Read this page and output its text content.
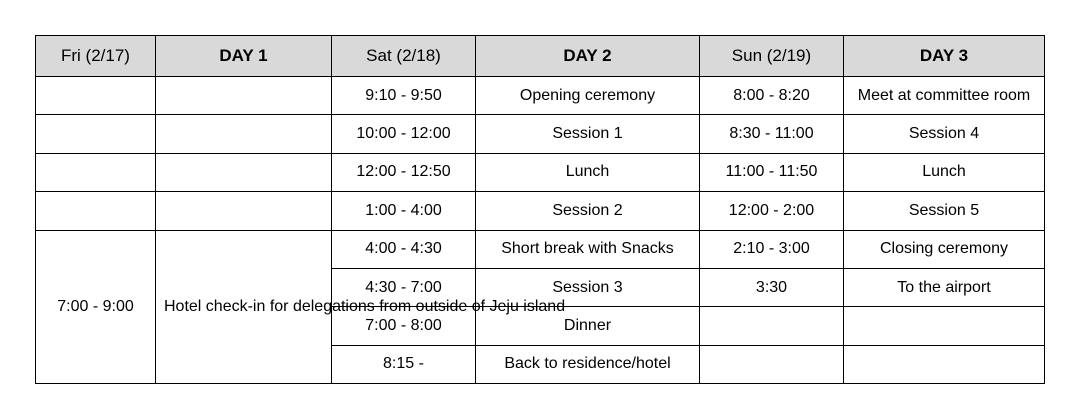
Fri (2/17)	DAY 1	Sat (2/18)	DAY 2	Sun (2/19)	DAY 3
		9:10 - 9:50	Opening ceremony	8:00 - 8:20	Meet at committee room
		10:00 - 12:00	Session 1	8:30 - 11:00	Session 4
		12:00 - 12:50	Lunch	11:00 - 11:50	Lunch
		1:00 - 4:00	Session 2	12:00 - 2:00	Session 5
7:00 - 9:00	Hotel check-in for delegations from outside of Jeju island	4:00 - 4:30	Short break with Snacks	2:10 - 3:00	Closing ceremony
		4:30 - 7:00	Session 3	3:30	To the airport
		7:00 - 8:00	Dinner		
		8:15 -	Back to residence/hotel		
